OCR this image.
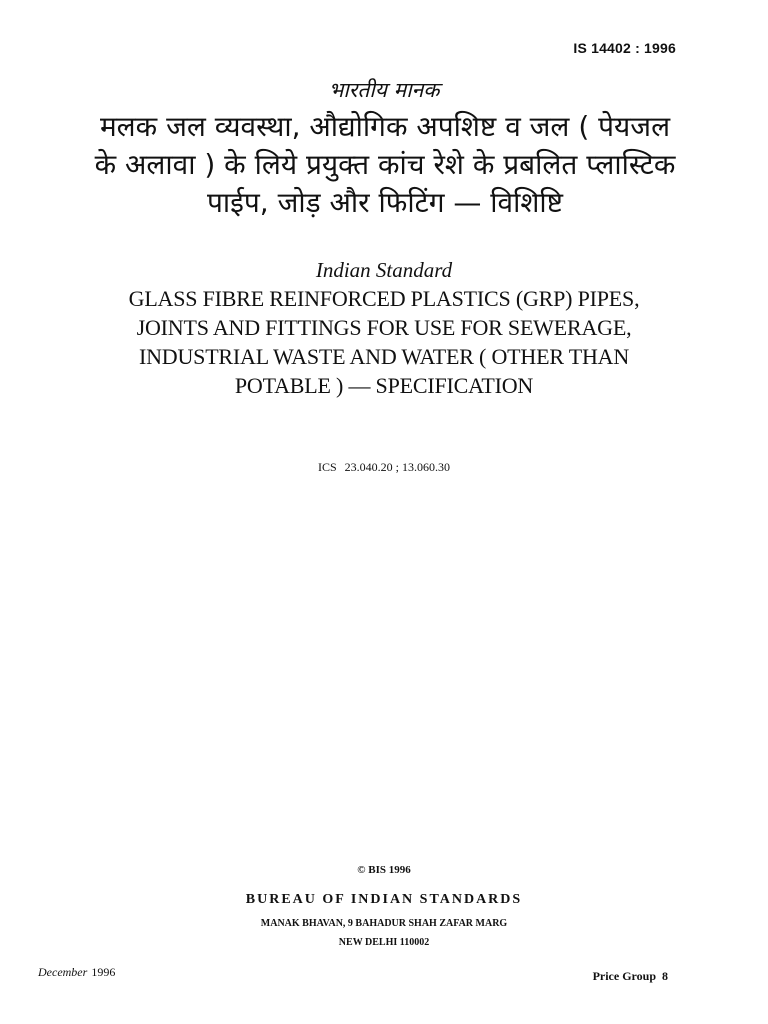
IS 14402 : 1996
भारतीय मानक
मलक जल व्यवस्था, औद्योगिक अपशिष्ट व जल ( पेयजल
के अलावा ) के लिये प्रयुक्त कांच रेशे के प्रबलित प्लास्टिक
पाईप, जोड़ और फिटिंग — विशिष्टि
Indian Standard
GLASS FIBRE REINFORCED PLASTICS (GRP) PIPES,
JOINTS AND FITTINGS FOR USE FOR SEWERAGE,
INDUSTRIAL WASTE AND WATER ( OTHER THAN
POTABLE ) — SPECIFICATION
ICS 23.040.20 ; 13.060.30
© BIS 1996
BUREAU OF INDIAN STANDARDS
MANAK BHAVAN, 9 BAHADUR SHAH ZAFAR MARG
NEW DELHI 110002
December 1996	Price Group 8
